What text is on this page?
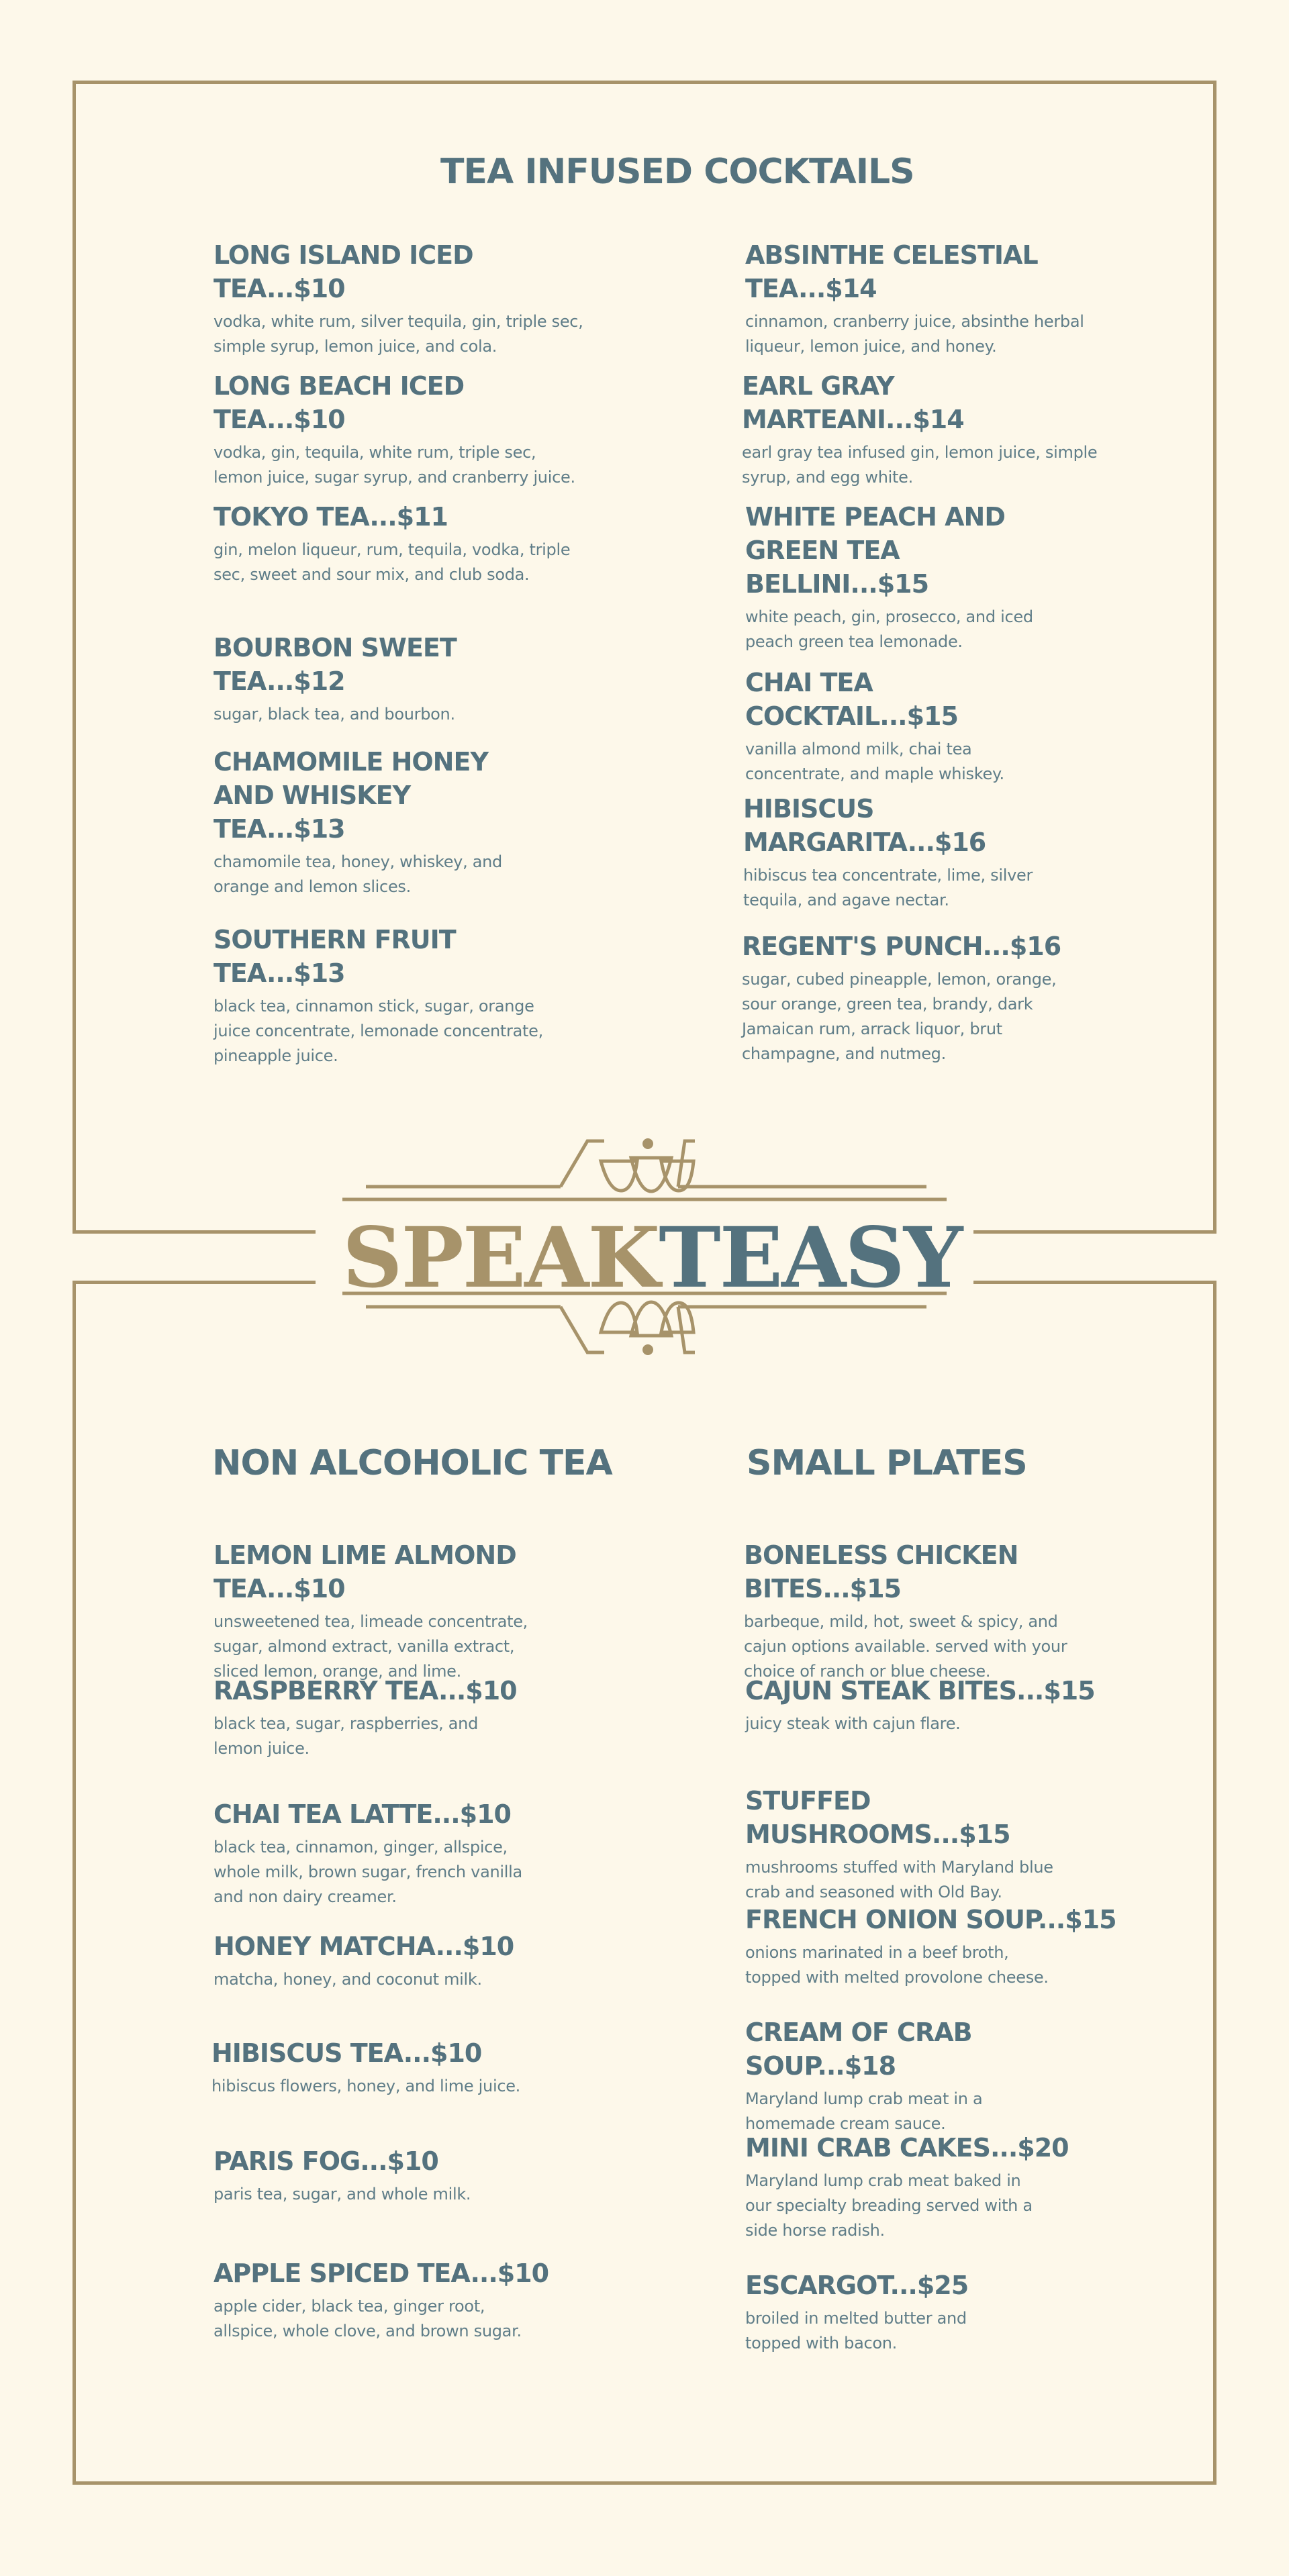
TEA INFUSED COCKTAILS
LONG ISLAND ICED TEA...$10

vodka, white rum, silver tequila, gin, triple sec, simple syrup, lemon juice, and cola.

LONG BEACH ICED TEA...$10

vodka, gin, tequila, white rum, triple sec, lemon juice, sugar syrup, and cranberry juice.

TOKYO TEA...$11

gin, melon liqueur, rum, tequila, vodka, triple sec, sweet and sour mix, and club soda.

BOURBON SWEET TEA...$12

sugar, black tea, and bourbon.

CHAMOMILE HONEY AND WHISKEY TEA...$13

chamomile tea, honey, whiskey, and orange and lemon slices.

SOUTHERN FRUIT TEA...$13

black tea, cinnamon stick, sugar, orange juice concentrate, lemonade concentrate, pineapple juice.

ABSINTHE CELESTIAL TEA...$14

cinnamon, cranberry juice, absinthe herbal liqueur, lemon juice, and honey.

EARL GRAY MARTEANI...$14

earl gray tea infused gin, lemon juice, simple syrup, and egg white.

WHITE PEACH AND GREEN TEA BELLINI...$15

white peach, gin, prosecco, and iced peach green tea lemonade.

CHAI TEA COCKTAIL...$15

vanilla almond milk, chai tea concentrate, and maple whiskey.

HIBISCUS MARGARITA...$16

hibiscus tea concentrate, lime, silver tequila, and agave nectar.

REGENT'S PUNCH...$16

sugar, cubed pineapple, lemon, orange, sour orange, green tea, brandy, dark Jamaican rum, arrack liquor, brut champagne, and nutmeg.

SPEAKTEASY
NON ALCOHOLIC TEA	SMALL PLATES
LEMON LIME ALMOND TEA...$10

unsweetened tea, limeade concentrate, sugar, almond extract, vanilla extract, sliced lemon, orange, and lime.

RASPBERRY TEA...$10

black tea, sugar, raspberries, and lemon juice.

CHAI TEA LATTE...$10

black tea, cinnamon, ginger, allspice, whole milk, brown sugar, french vanilla and non dairy creamer.

HONEY MATCHA...$10

matcha, honey, and coconut milk.

HIBISCUS TEA...$10

hibiscus flowers, honey, and lime juice.

PARIS FOG...$10

paris tea, sugar, and whole milk.

APPLE SPICED TEA...$10

apple cider, black tea, ginger root, allspice, whole clove, and brown sugar.

BONELESS CHICKEN BITES...$15

barbeque, mild, hot, sweet & spicy, and cajun options available. served with your choice of ranch or blue cheese.

CAJUN STEAK BITES...$15

juicy steak with cajun flare.

STUFFED MUSHROOMS...$15

mushrooms stuffed with Maryland blue crab and seasoned with Old Bay.

FRENCH ONION SOUP...$15

onions marinated in a beef broth, topped with melted provolone cheese.

CREAM OF CRAB SOUP...$18

Maryland lump crab meat in a homemade cream sauce.

MINI CRAB CAKES...$20

Maryland lump crab meat baked in our specialty breading served with a side horse radish.

ESCARGOT...$25

broiled in melted butter and topped with bacon.
